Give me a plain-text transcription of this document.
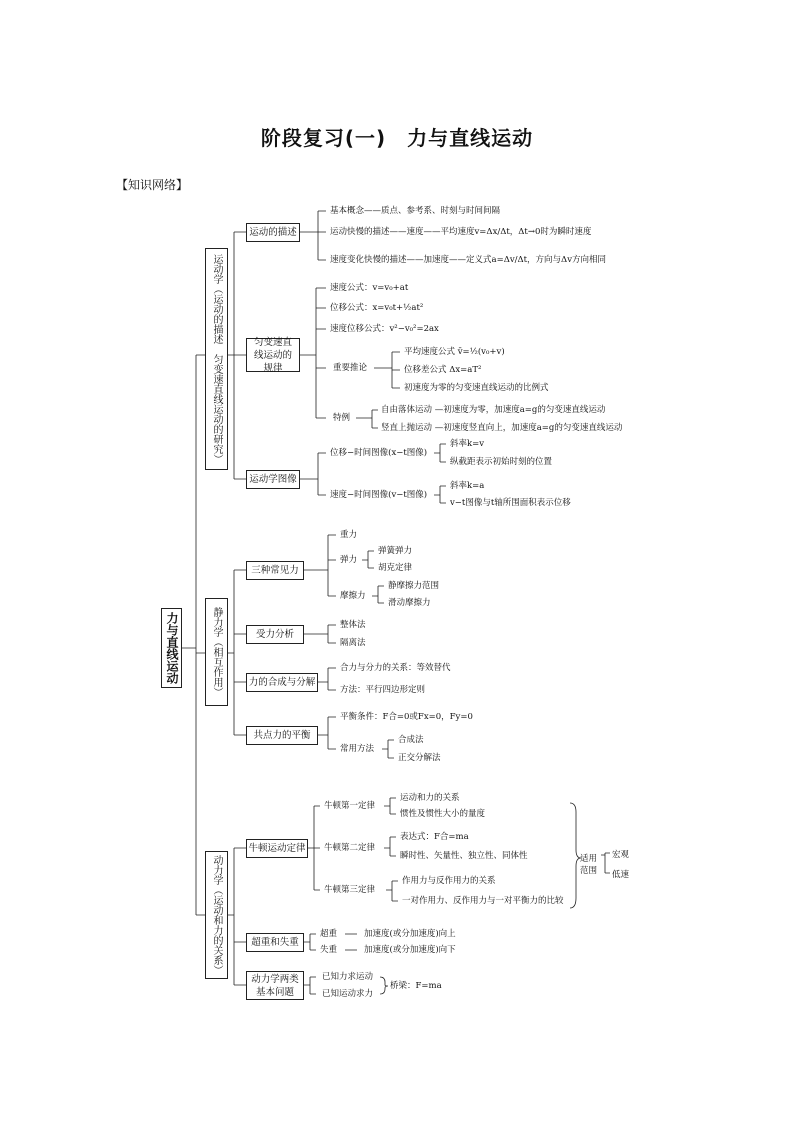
阶段复习(一)　力与直线运动
【知识网络】
力与直线运动
运动学（运动的描述　匀变速直线运动的研究）
运动的描述
基本概念——质点、参考系、时刻与时间间隔
运动快慢的描述——速度——平均速度v=Δx/Δt，Δt→0时为瞬时速度
速度变化快慢的描述——加速度——定义式a=Δv/Δt，方向与Δv方向相同
匀变速直线运动的规律
速度公式：v=v₀+at
位移公式：x=v₀t+½at²
速度位移公式：v²−v₀²=2ax
重要推论
平均速度公式 v̄=½(v₀+v)
位移差公式 Δx=aT²
初速度为零的匀变速直线运动的比例式
特例
自由落体运动 —初速度为零，加速度a=g的匀变速直线运动
竖直上抛运动 —初速度竖直向上，加速度a=g的匀变速直线运动
运动学图像
位移−时间图像(x−t图像)
斜率k=v
纵截距表示初始时刻的位置
速度−时间图像(v−t图像)
斜率k=a
v−t图像与t轴所围面积表示位移
静力学（相互作用）
三种常见力
重力
弹力
弹簧弹力
胡克定律
摩擦力
静摩擦力范围
滑动摩擦力
受力分析
整体法
隔离法
力的合成与分解
合力与分力的关系：等效替代
方法：平行四边形定则
共点力的平衡
平衡条件：F合=0或Fx=0，Fy=0
常用方法
合成法
正交分解法
动力学（运动和力的关系）
牛顿运动定律
牛顿第一定律
运动和力的关系
惯性及惯性大小的量度
牛顿第二定律
表达式：F合=ma
瞬时性、矢量性、独立性、同体性
牛顿第三定律
作用力与反作用力的关系
一对作用力、反作用力与一对平衡力的比较
适用范围
宏观
低速
超重和失重
超重	加速度(或分加速度)向上
失重	加速度(或分加速度)向下
动力学两类基本问题
已知力求运动
已知运动求力
桥梁：F=ma
